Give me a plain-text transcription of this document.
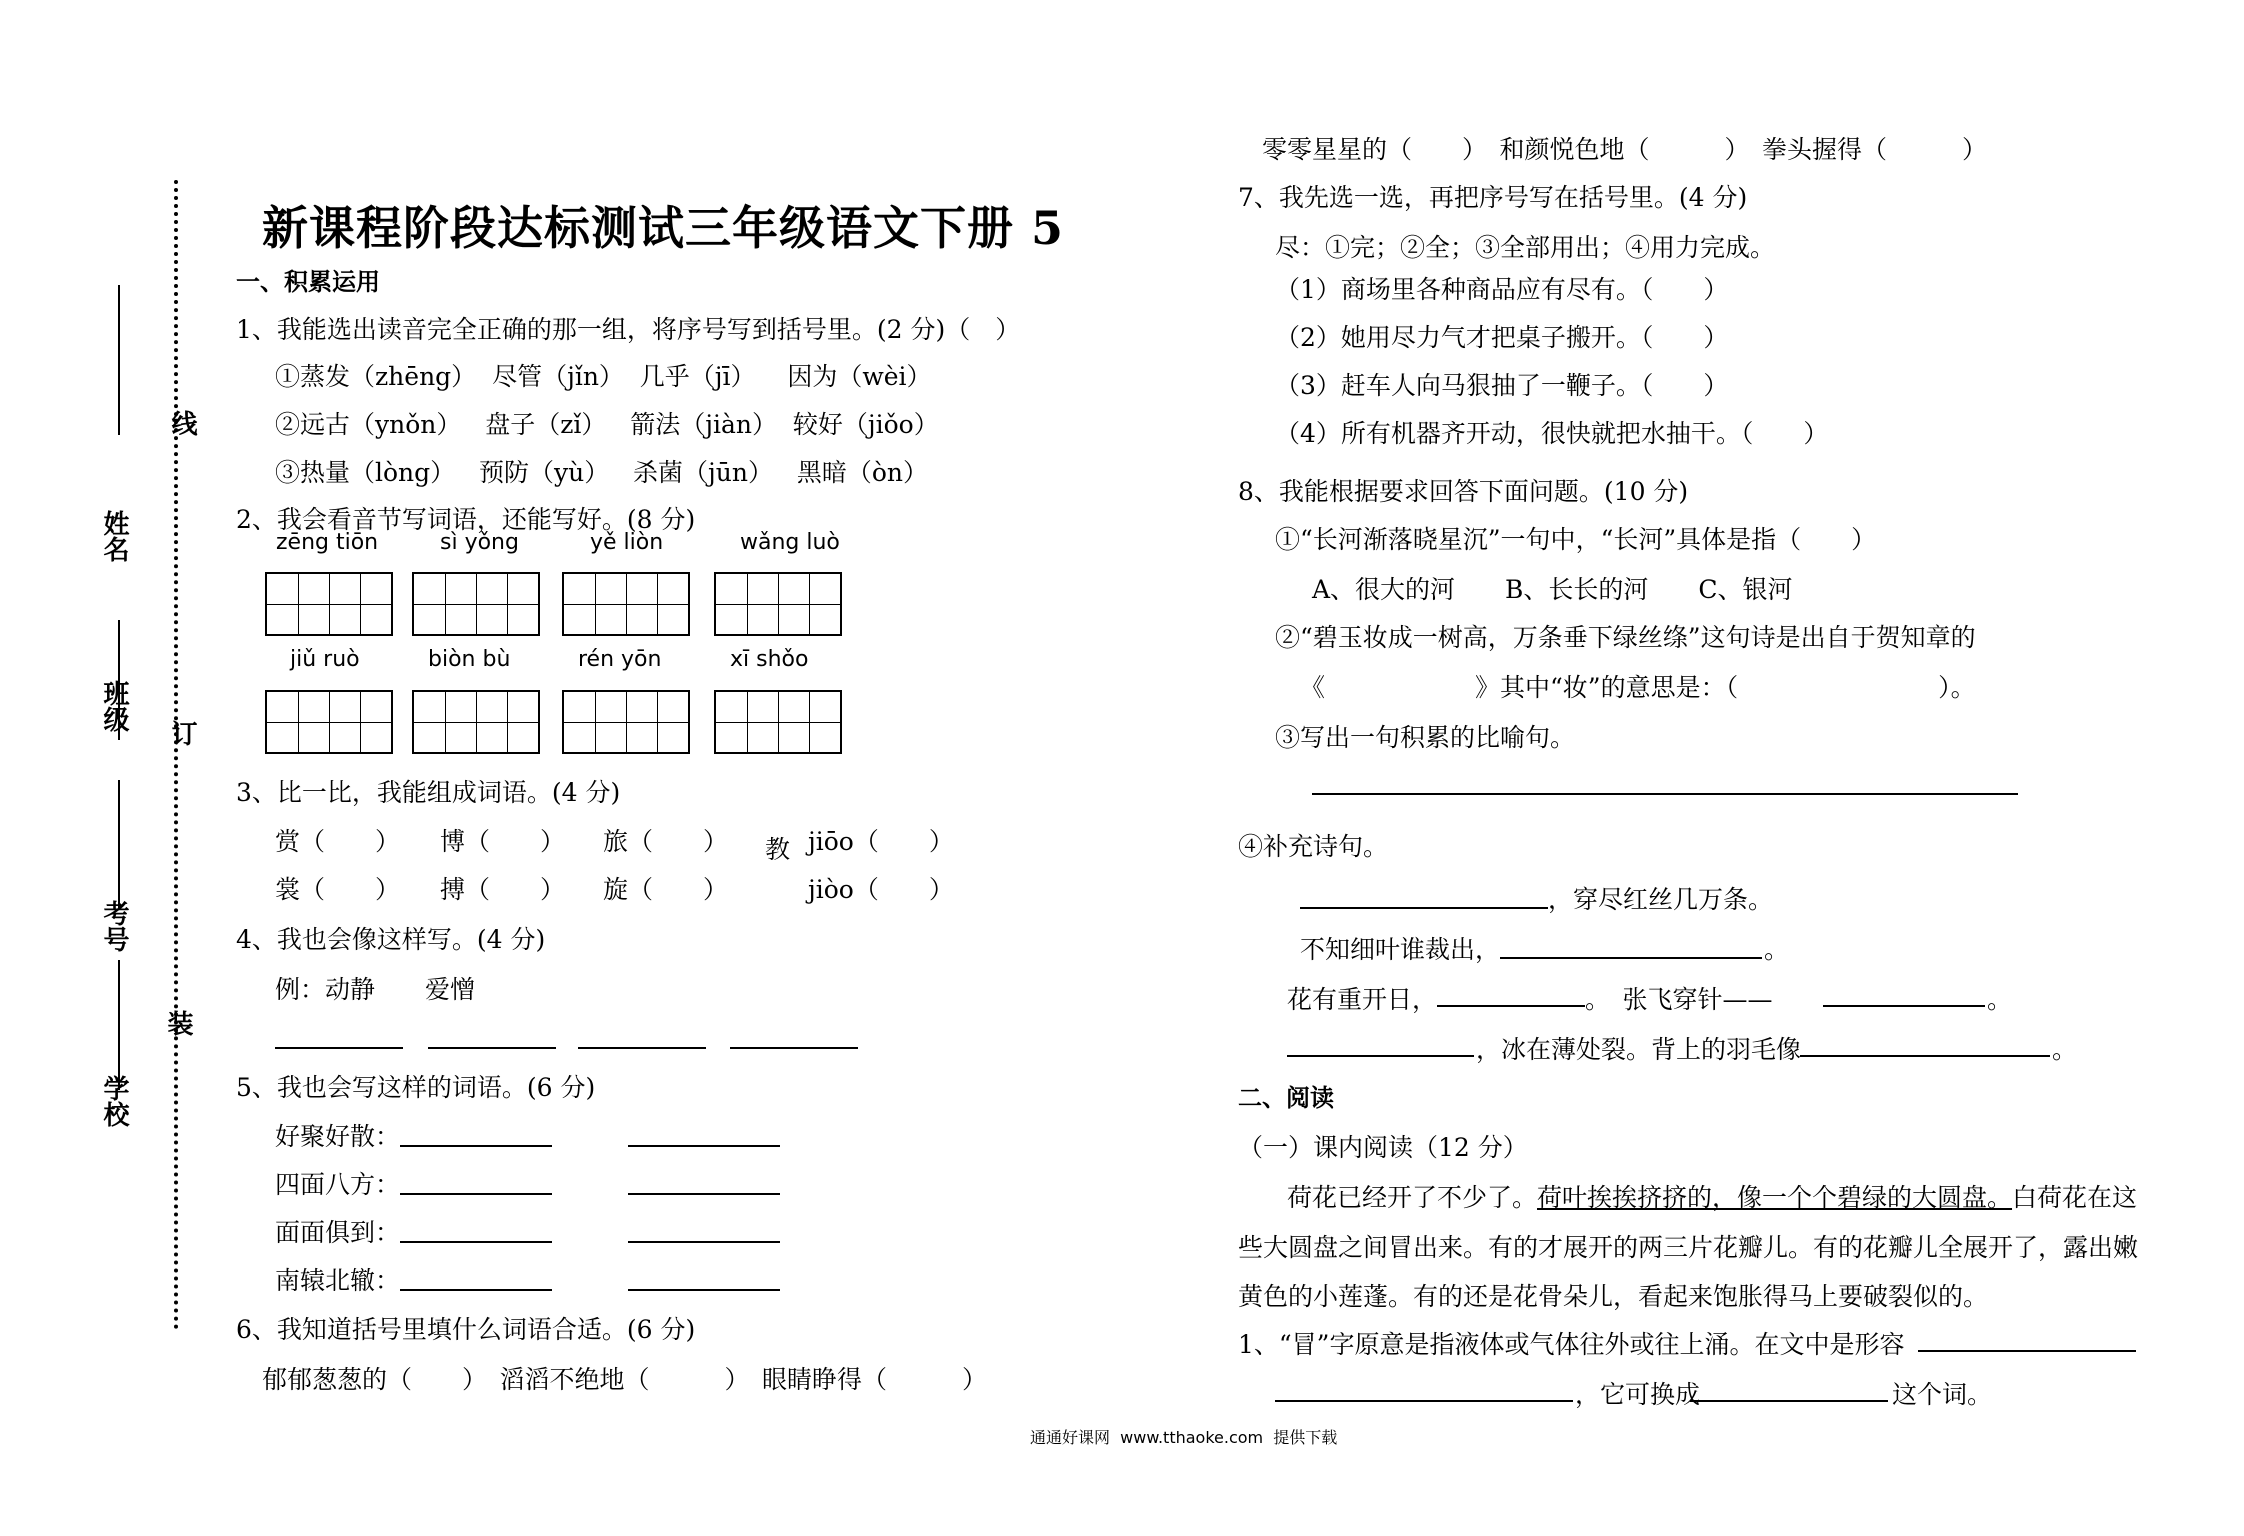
线
订
装
姓名
班级
考号
学校
新课程阶段达标测试三年级语文下册 5
一、积累运用
1、我能选出读音完全正确的那一组，将序号写到括号里。(2 分)（　）
①蒸发（zhēng）  尽管（jǐn）  几乎（jī）    因为（wèi）
②远古（ynǒn）   盘子（zǐ）   箭法（jiàn）  较好（jiǒo）
③热量（lòng）   预防（yù）   杀菌（jūn）   黑暗（òn）
2、我会看音节写词语，还能写好。(8 分)
zēng tiōn	sì yǒng	yě liòn	wǎng luò
jiǔ ruò	biòn bù	rén yōn	xī shǒo
3、比一比，我能组成词语。(4 分)
赏（　　） 博（　　） 旅（　　） 教 jiōo（　　）
裳（　　） 搏（　　） 旋（　　）	jiòo（　　）
4、我也会像这样写。(4 分)
例：动静　　爱憎
5、我也会写这样的词语。(6 分)
好聚好散：
四面八方：
面面俱到：
南辕北辙：
6、我知道括号里填什么词语合适。(6 分)
郁郁葱葱的（　　）　滔滔不绝地（　　　）　眼睛睁得（　　　）
零零星星的（　　）　和颜悦色地（　　　）　拳头握得（　　　）
7、我先选一选，再把序号写在括号里。(4 分)
尽：①完；②全；③全部用出；④用力完成。
（1）商场里各种商品应有尽有。（　　）
（2）她用尽力气才把桌子搬开。（　　）
（3）赶车人向马狠抽了一鞭子。（　　）
（4）所有机器齐开动，很快就把水抽干。（　　）
8、我能根据要求回答下面问题。(10 分)
①“长河渐落晓星沉”一句中，“长河”具体是指（　　）
A、很大的河　　B、长长的河　　C、银河
②“碧玉妆成一树高，万条垂下绿丝绦”这句诗是出自于贺知章的
《　　　　　　》其中“妆”的意思是：（　　　　　　　　）。
③写出一句积累的比喻句。
④补充诗句。
，穿尽红丝几万条。
不知细叶谁裁出，	。
花有重开日，	。　张飞穿针——	。
，冰在薄处裂。背上的羽毛像	。
二、阅读
（一）课内阅读（12 分）
荷花已经开了不少了。荷叶挨挨挤挤的，像一个个碧绿的大圆盘。白荷花在这
些大圆盘之间冒出来。有的才展开的两三片花瓣儿。有的花瓣儿全展开了，露出嫩
黄色的小莲蓬。有的还是花骨朵儿，看起来饱胀得马上要破裂似的。
1、“冒”字原意是指液体或气体往外或往上涌。在文中是形容
，它可换成	这个词。
通通好课网  www.tthaoke.com  提供下载
